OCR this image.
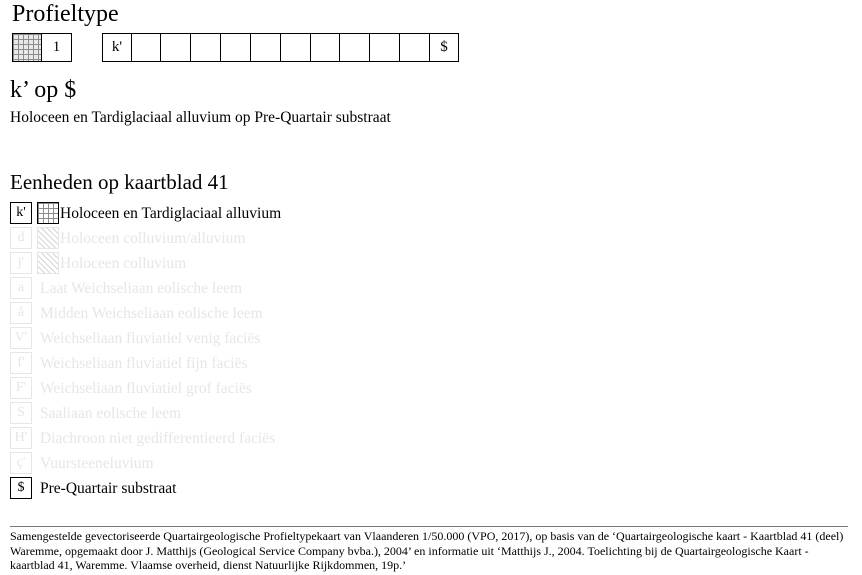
Profieltype
1	k'	$
k’ op $
Holoceen en Tardiglaciaal alluvium op Pre-Quartair substraat
Eenheden op kaartblad 41
k'	Holoceen en Tardiglaciaal alluvium
d	Holoceen colluvium/alluvium
j'	Holoceen colluvium
a	Laat Weichseliaan eolische leem
å	Midden Weichseliaan eolische leem
V' Weichseliaan fluviatiel venig faciës
f' Weichseliaan fluviatiel fijn faciës
F' Weichseliaan fluviatiel grof faciës
S Saaliaan eolische leem
H' Diachroon niet gedifferentieerd faciës
ç' Vuursteeneluvium
$	Pre-Quartair substraat
Samengestelde gevectoriseerde Quartairgeologische Profieltypekaart van Vlaanderen 1/50.000 (VPO, 2017), op basis van de ‘Quartairgeologische kaart - Kaartblad 41 (deel) Waremme, opgemaakt door J. Matthijs (Geological Service Company bvba.), 2004’ en informatie uit ‘Matthijs J., 2004. Toelichting bij de Quartairgeologische Kaart - kaartblad 41, Waremme. Vlaamse overheid, dienst Natuurlijke Rijkdommen, 19p.’
